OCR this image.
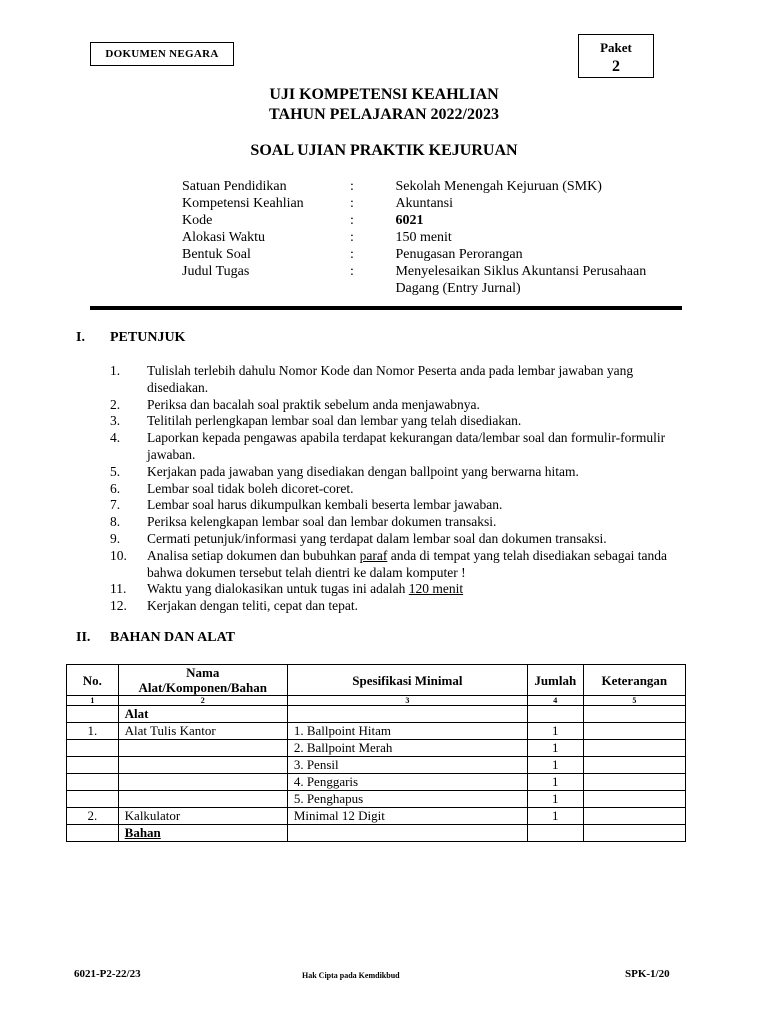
DOKUMEN NEGARA	Paket
2
UJI KOMPETENSI KEAHLIAN
TAHUN PELAJARAN 2022/2023
SOAL UJIAN PRAKTIK KEJURUAN
Satuan Pendidikan	:	Sekolah Menengah Kejuruan (SMK)
Kompetensi Keahlian	:	Akuntansi
Kode	:	6021
Alokasi Waktu	:	150 menit
Bentuk Soal	:	Penugasan Perorangan
Judul Tugas	:	Menyelesaikan Siklus Akuntansi Perusahaan Dagang (Entry Jurnal)
I.	PETUNJUK
1.	Tulislah terlebih dahulu Nomor Kode dan Nomor Peserta anda pada lembar jawaban yang disediakan.
2.	Periksa dan bacalah soal praktik sebelum anda menjawabnya.
3.	Telitilah perlengkapan lembar soal dan lembar yang telah disediakan.
4.	Laporkan kepada pengawas apabila terdapat kekurangan data/lembar soal dan formulir-formulir jawaban.
5.	Kerjakan pada jawaban yang disediakan dengan ballpoint yang berwarna hitam.
6.	Lembar soal tidak boleh dicoret-coret.
7.	Lembar soal harus dikumpulkan kembali beserta lembar jawaban.
8.	Periksa kelengkapan lembar soal dan lembar dokumen transaksi.
9.	Cermati petunjuk/informasi yang terdapat dalam lembar soal dan dokumen transaksi.
10.	Analisa setiap dokumen dan bubuhkan paraf anda di tempat yang telah disediakan sebagai tanda bahwa dokumen tersebut telah dientri ke dalam komputer !
11.	Waktu yang dialokasikan untuk tugas ini adalah 120 menit
12.	Kerjakan dengan teliti, cepat dan tepat.
II.	BAHAN DAN ALAT
No.	Nama Alat/Komponen/Bahan	Spesifikasi Minimal	Jumlah	Keterangan
1	2	3	4	5
	Alat			
1.	Alat Tulis Kantor	1. Ballpoint Hitam	1	
		2. Ballpoint Merah	1	
		3. Pensil	1	
		4. Penggaris	1	
		5. Penghapus	1	
2.	Kalkulator	Minimal 12 Digit	1	
	Bahan			
6021-P2-22/23	Hak Cipta pada Kemdikbud	SPK-1/20
